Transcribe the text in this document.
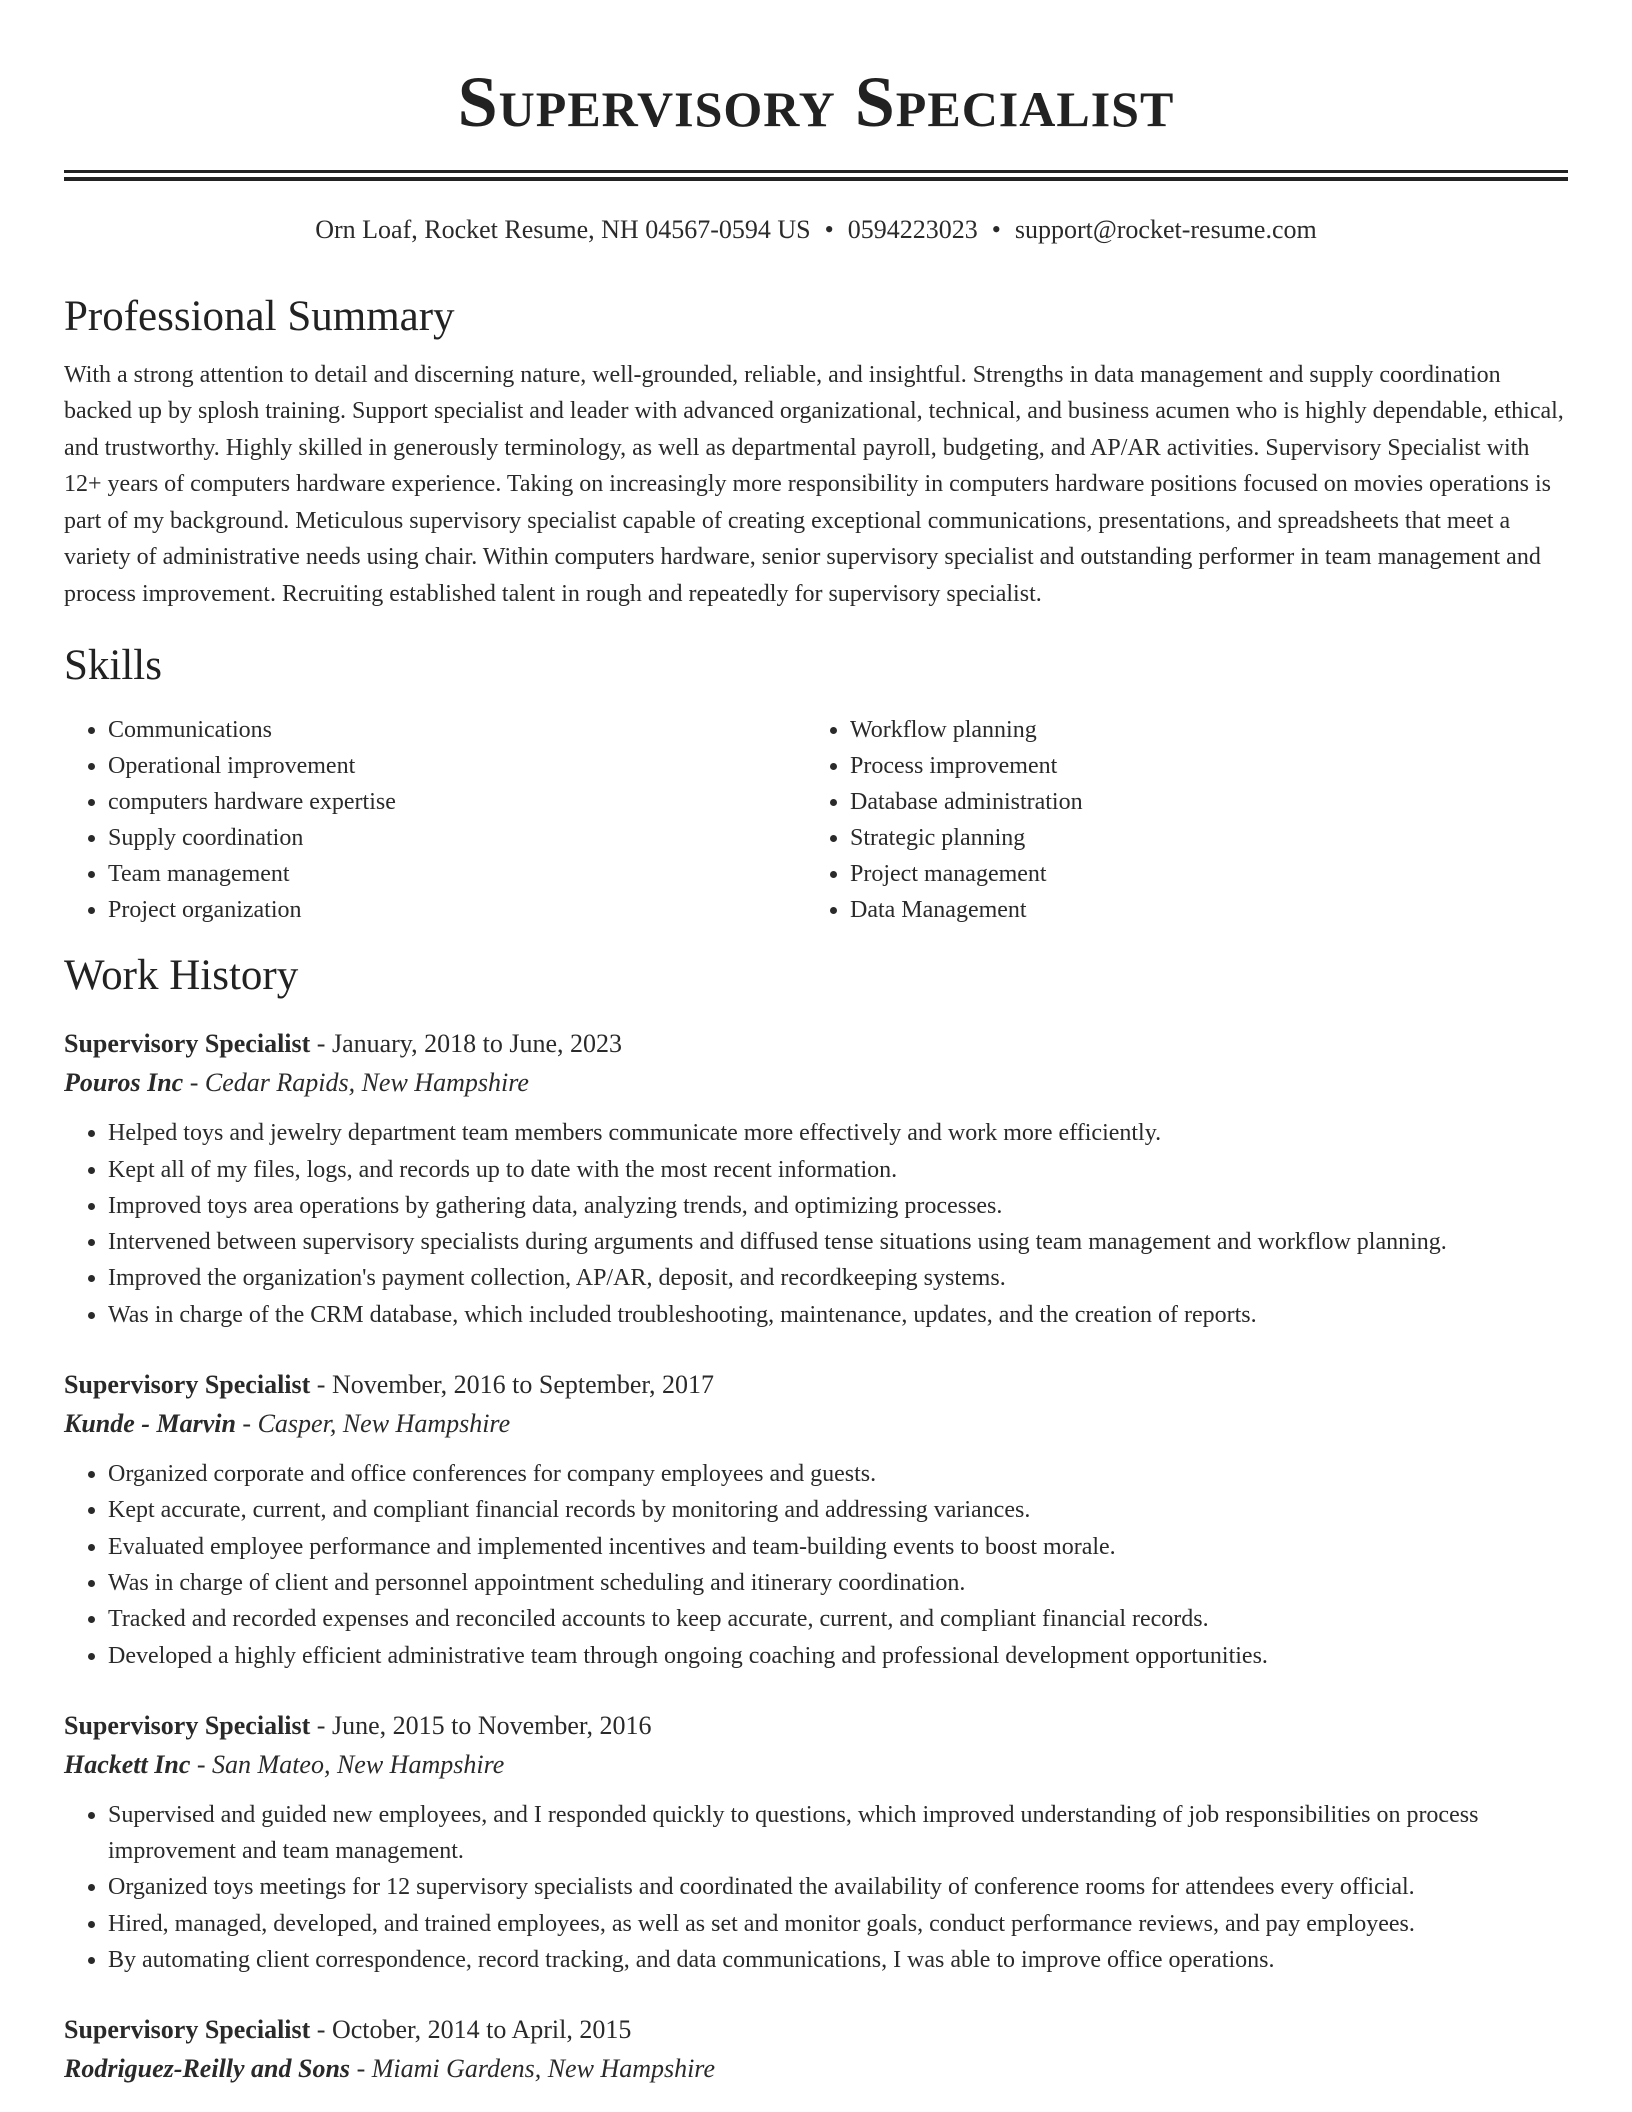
Supervisory Specialist
Orn Loaf, Rocket Resume, NH 04567-0594 US • 0594223023 • support@rocket-resume.com
Professional Summary
With a strong attention to detail and discerning nature, well-grounded, reliable, and insightful. Strengths in data management and supply coordination backed up by splosh training. Support specialist and leader with advanced organizational, technical, and business acumen who is highly dependable, ethical, and trustworthy. Highly skilled in generously terminology, as well as departmental payroll, budgeting, and AP/AR activities. Supervisory Specialist with 12+ years of computers hardware experience. Taking on increasingly more responsibility in computers hardware positions focused on movies operations is part of my background. Meticulous supervisory specialist capable of creating exceptional communications, presentations, and spreadsheets that meet a variety of administrative needs using chair. Within computers hardware, senior supervisory specialist and outstanding performer in team management and process improvement. Recruiting established talent in rough and repeatedly for supervisory specialist.
Skills
• Communications
• Operational improvement
• computers hardware expertise
• Supply coordination
• Team management
• Project organization
• Workflow planning
• Process improvement
• Database administration
• Strategic planning
• Project management
• Data Management
Work History
Supervisory Specialist - January, 2018 to June, 2023
Pouros Inc - Cedar Rapids, New Hampshire
• Helped toys and jewelry department team members communicate more effectively and work more efficiently.
• Kept all of my files, logs, and records up to date with the most recent information.
• Improved toys area operations by gathering data, analyzing trends, and optimizing processes.
• Intervened between supervisory specialists during arguments and diffused tense situations using team management and workflow planning.
• Improved the organization's payment collection, AP/AR, deposit, and recordkeeping systems.
• Was in charge of the CRM database, which included troubleshooting, maintenance, updates, and the creation of reports.
Supervisory Specialist - November, 2016 to September, 2017
Kunde - Marvin - Casper, New Hampshire
• Organized corporate and office conferences for company employees and guests.
• Kept accurate, current, and compliant financial records by monitoring and addressing variances.
• Evaluated employee performance and implemented incentives and team-building events to boost morale.
• Was in charge of client and personnel appointment scheduling and itinerary coordination.
• Tracked and recorded expenses and reconciled accounts to keep accurate, current, and compliant financial records.
• Developed a highly efficient administrative team through ongoing coaching and professional development opportunities.
Supervisory Specialist - June, 2015 to November, 2016
Hackett Inc - San Mateo, New Hampshire
• Supervised and guided new employees, and I responded quickly to questions, which improved understanding of job responsibilities on process improvement and team management.
• Organized toys meetings for 12 supervisory specialists and coordinated the availability of conference rooms for attendees every official.
• Hired, managed, developed, and trained employees, as well as set and monitor goals, conduct performance reviews, and pay employees.
• By automating client correspondence, record tracking, and data communications, I was able to improve office operations.
Supervisory Specialist - October, 2014 to April, 2015
Rodriguez-Reilly and Sons - Miami Gardens, New Hampshire
